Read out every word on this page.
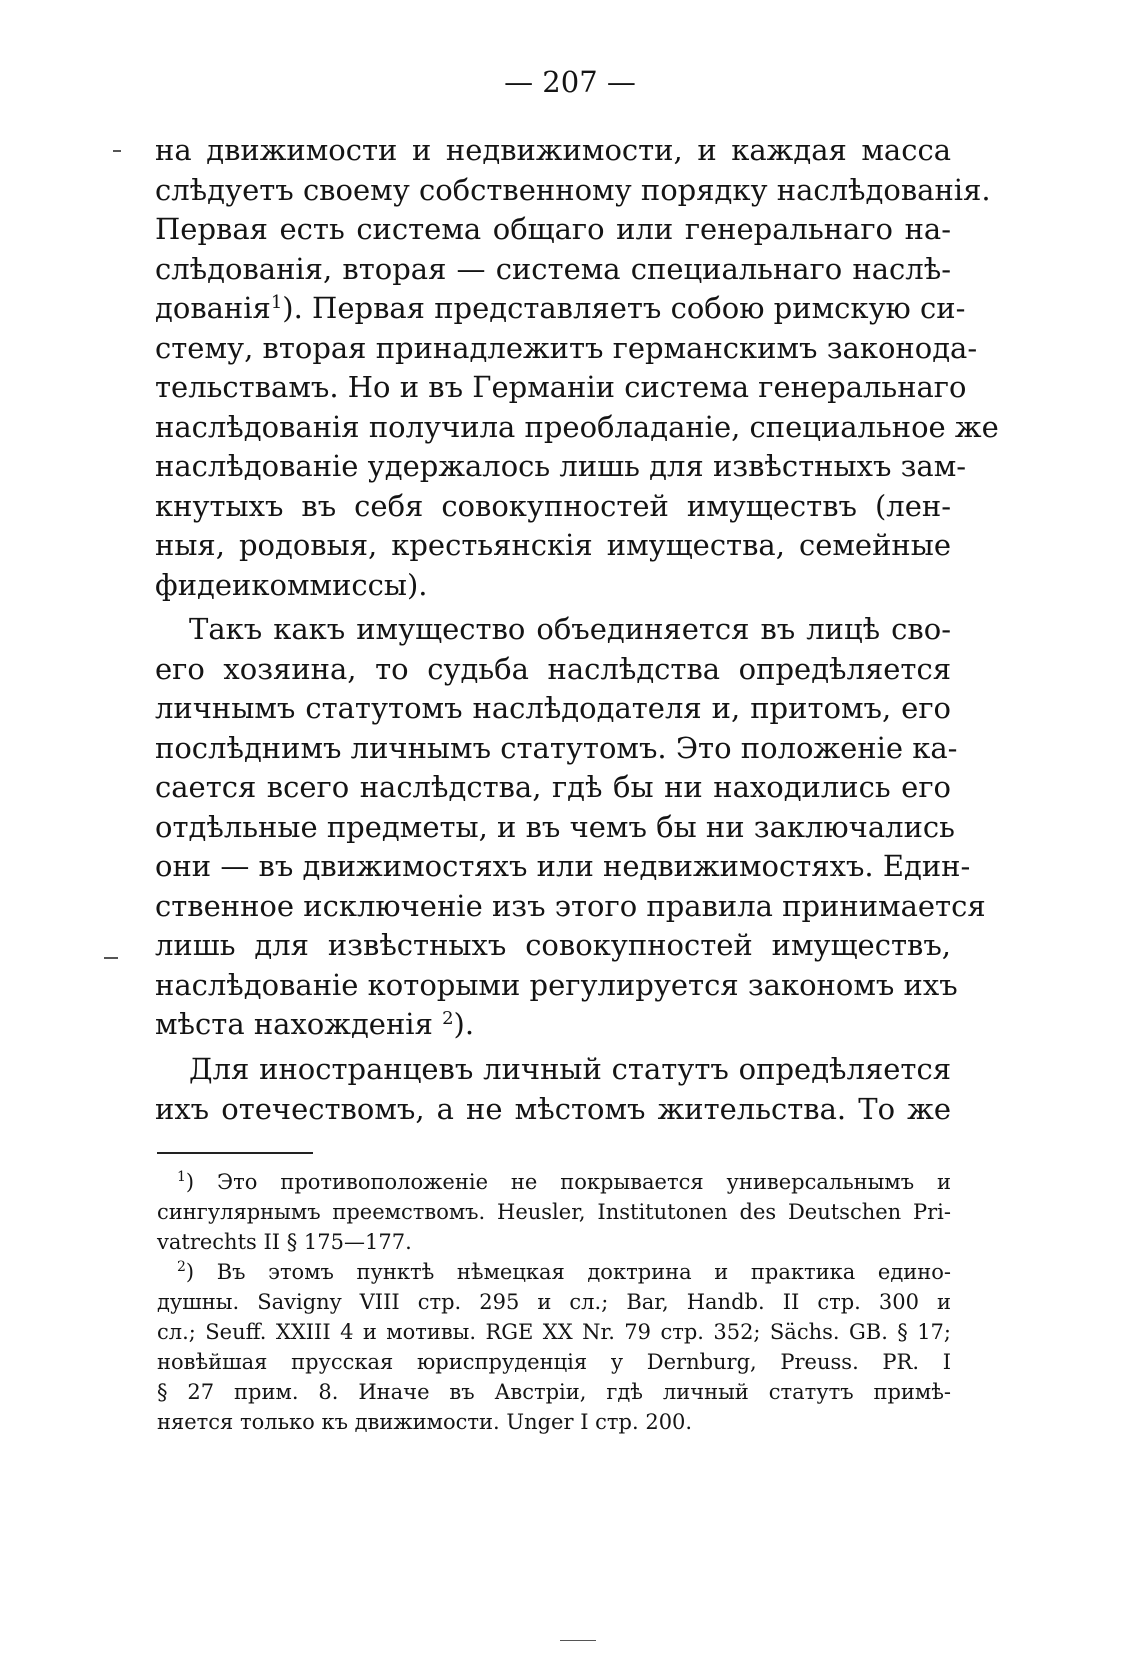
— 207 —
на движимости и недвижимости, и каждая масса
слѣдуетъ своему собственному порядку наслѣдованія.
Первая есть система общаго или генеральнаго на-
слѣдованія, вторая — система специальнаго наслѣ-
дованія$^1$). Первая представляетъ собою римскую си-
стему, вторая принадлежитъ германскимъ законода-
тельствамъ. Но и въ Германіи система генеральнаго
наслѣдованія получила преобладаніе, специальное же
наслѣдованіе удержалось лишь для извѣстныхъ зам-
кнутыхъ въ себя совокупностей имуществъ (лен-
ныя, родовыя, крестьянскія имущества, семейные
фидеикоммиссы).
Такъ какъ имущество объединяется въ лицѣ сво-
его хозяина, то судьба наслѣдства опредѣляется
личнымъ статутомъ наслѣдодателя и, притомъ, его
послѣднимъ личнымъ статутомъ. Это положеніе ка-
сается всего наслѣдства, гдѣ бы ни находились его
отдѣльные предметы, и въ чемъ бы ни заключались
они — въ движимостяхъ или недвижимостяхъ. Един-
ственное исключеніе изъ этого правила принимается
лишь для извѣстныхъ совокупностей имуществъ,
наслѣдованіе которыми регулируется закономъ ихъ
мѣста нахожденія $^2$).
Для иностранцевъ личный статутъ опредѣляется
ихъ отечествомъ, а не мѣстомъ жительства. То же
$^1$) Это противоположеніе не покрывается универсальнымъ и
сингулярнымъ преемствомъ. Heusler, Institutonen des Deutschen Pri-
vatrechts II § 175—177.
$^2$) Въ этомъ пунктѣ нѣмецкая доктрина и практика едино-
душны. Savigny VIII стр. 295 и сл.; Bar, Handb. II стр. 300 и
сл.; Seuff. XXIII 4 и мотивы. RGE XX Nr. 79 стр. 352; Sächs. GB. § 17;
новѣйшая прусская юриспруденція у Dernburg, Preuss. PR. I
§ 27 прим. 8. Иначе въ Австріи, гдѣ личный статутъ примѣ-
няется только къ движимости. Unger I стр. 200.
